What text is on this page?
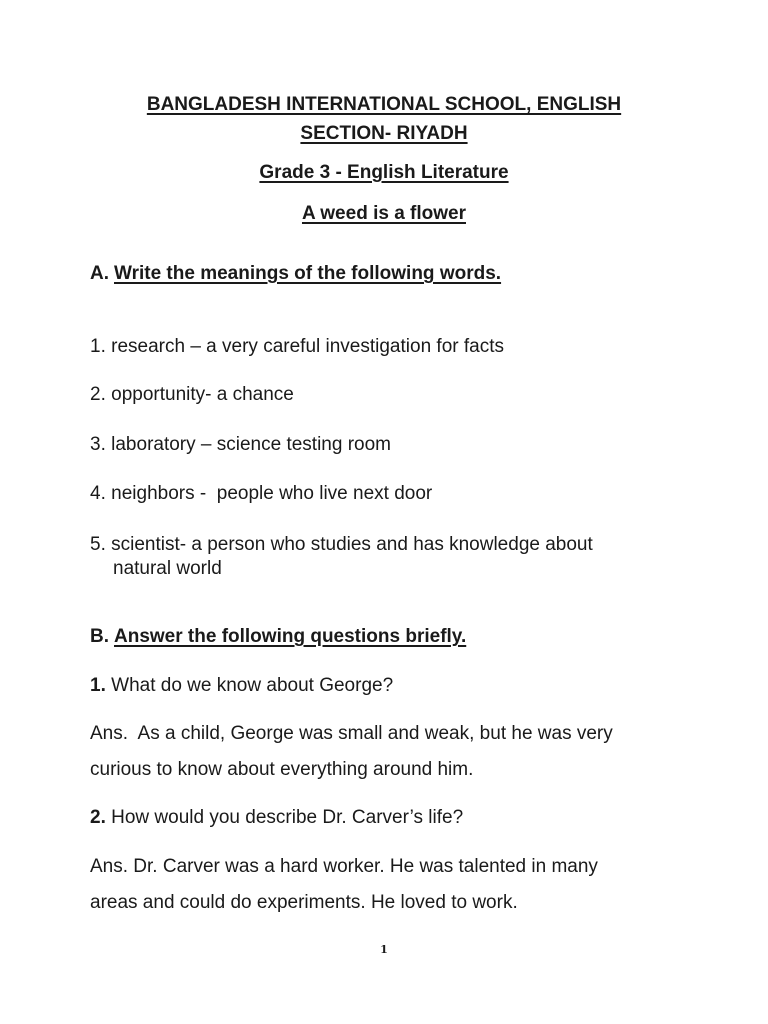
BANGLADESH INTERNATIONAL SCHOOL, ENGLISH
SECTION- RIYADH
Grade 3 - English Literature
A weed is a flower
A. Write the meanings of the following words.
1. research – a very careful investigation for facts
2. opportunity- a chance
3. laboratory – science testing room
4. neighbors -  people who live next door
5. scientist- a person who studies and has knowledge about
natural world
B. Answer the following questions briefly.
1. What do we know about George?
Ans.  As a child, George was small and weak, but he was very
curious to know about everything around him.
2. How would you describe Dr. Carver’s life?
Ans. Dr. Carver was a hard worker. He was talented in many
areas and could do experiments. He loved to work.
1
